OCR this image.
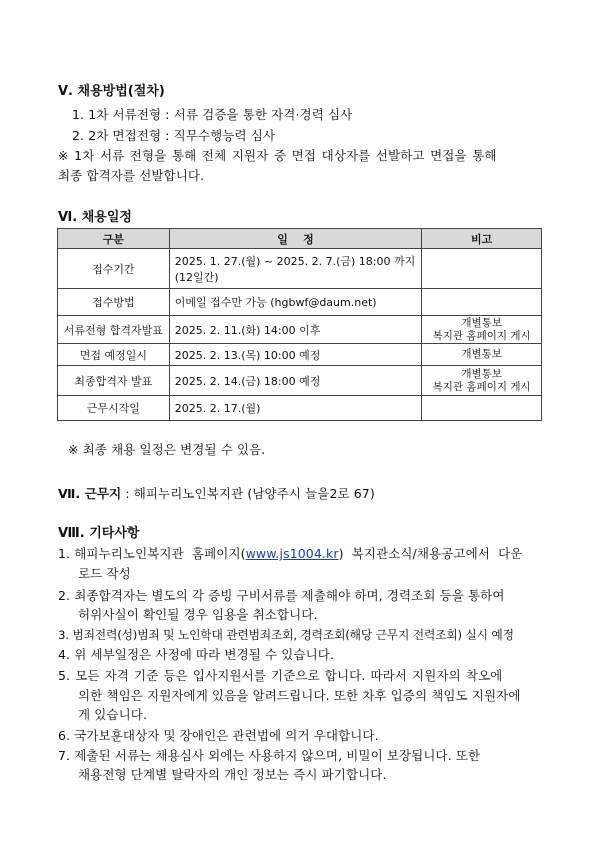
Ⅴ. 채용방법(절차)
1. 1차 서류전형 : 서류 검증을 통한 자격·경력 심사
2. 2차 면접전형 : 직무수행능력 심사
※ 1차 서류 전형을 통해 전체 지원자 중 면접 대상자를 선발하고 면접을 통해
최종 합격자를 선발합니다.
Ⅵ. 채용일정
구분	일    정	비고
접수기간	2025. 1. 27.(월) ~ 2025. 2. 7.(금) 18:00 까지
(12일간)	

접수방법	이메일 접수만 가능 (hgbwf@daum.net)	
서류전형 합격자발표	2025. 2. 11.(화) 14:00 이후	개별통보
복지관 홈페이지 게시

면접 예정일시	2025. 2. 13.(목) 10:00 예정	개별통보
최종합격자 발표	2025. 2. 14.(금) 18:00 예정	개별통보
복지관 홈페이지 게시

근무시작일	2025. 2. 17.(월)	
※ 최종 채용 일정은 변경될 수 있음.
Ⅶ. 근무지 : 해피누리노인복지관 (남양주시 늘을2로 67)
Ⅷ. 기타사항
1. 해피누리노인복지관  홈페이지(www.js1004.kr)  복지관소식/채용공고에서  다운
로드 작성
2. 최종합격자는 별도의 각 증빙 구비서류를 제출해야 하며, 경력조회 등을 통하여
허위사실이 확인될 경우 임용을 취소합니다.
3. 범죄전력(성)범죄 및 노인학대 관련범죄조회, 경력조회(해당 근무지 전력조회) 실시 예정
4. 위 세부일정은 사정에 따라 변경될 수 있습니다.
5. 모든 자격 기준 등은 입사지원서를 기준으로 합니다. 따라서 지원자의 착오에
의한 책임은 지원자에게 있음을 알려드립니다. 또한 차후 입증의 책임도 지원자에
게 있습니다.
6. 국가보훈대상자 및 장애인은 관련법에 의거 우대합니다.
7. 제출된 서류는 채용심사 외에는 사용하지 않으며, 비밀이 보장됩니다. 또한
채용전형 단계별 탈락자의 개인 정보는 즉시 파기합니다.
